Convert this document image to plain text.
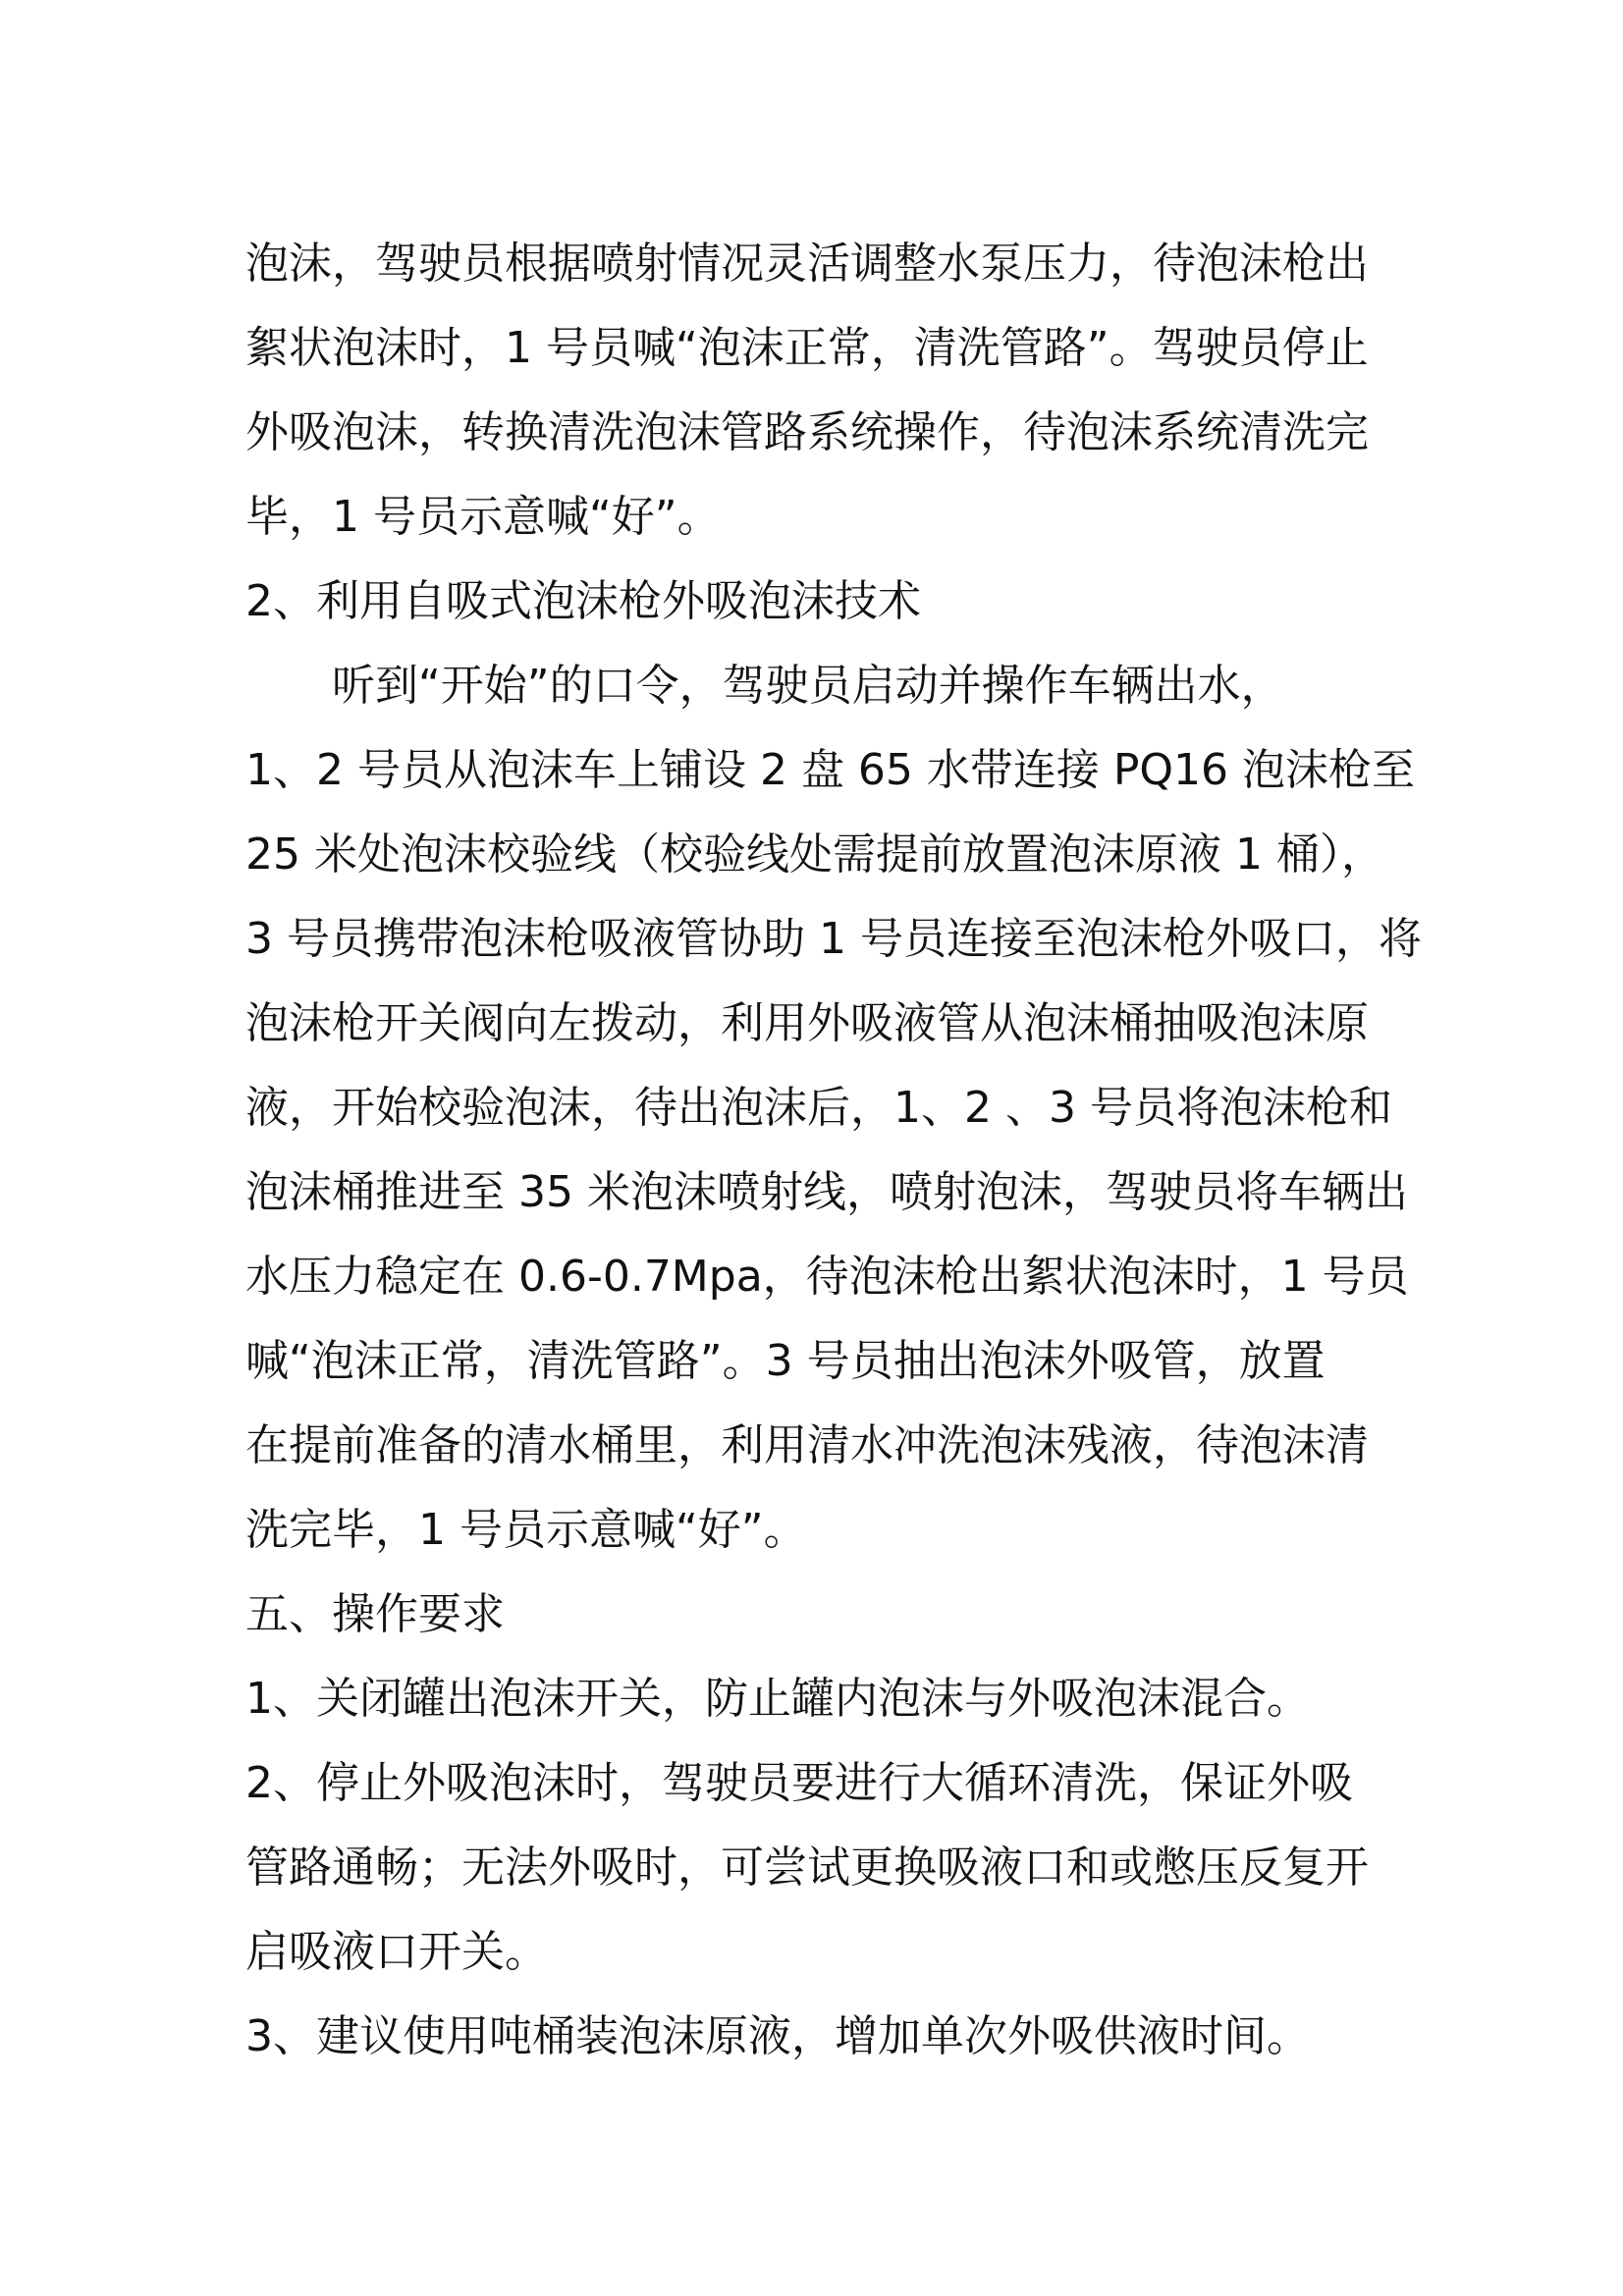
泡沫，驾驶员根据喷射情况灵活调整水泵压力，待泡沫枪出
絮状泡沫时，1 号员喊“泡沫正常，清洗管路”。驾驶员停止
外吸泡沫，转换清洗泡沫管路系统操作，待泡沫系统清洗完
毕，1 号员示意喊“好”。
2、利用自吸式泡沫枪外吸泡沫技术
听到“开始”的口令，驾驶员启动并操作车辆出水，
1、2 号员从泡沫车上铺设 2 盘 65 水带连接 PQ16 泡沫枪至
25 米处泡沫校验线（校验线处需提前放置泡沫原液 1 桶），
3 号员携带泡沫枪吸液管协助 1 号员连接至泡沫枪外吸口，将
泡沫枪开关阀向左拨动，利用外吸液管从泡沫桶抽吸泡沫原
液，开始校验泡沫，待出泡沫后，1、2 、3 号员将泡沫枪和
泡沫桶推进至 35 米泡沫喷射线，喷射泡沫，驾驶员将车辆出
水压力稳定在 0.6-0.7Mpa，待泡沫枪出絮状泡沫时，1 号员
喊“泡沫正常，清洗管路”。3 号员抽出泡沫外吸管，放置
在提前准备的清水桶里，利用清水冲洗泡沫残液，待泡沫清
洗完毕，1 号员示意喊“好”。
五、操作要求
1、关闭罐出泡沫开关，防止罐内泡沫与外吸泡沫混合。
2、停止外吸泡沫时，驾驶员要进行大循环清洗，保证外吸
管路通畅；无法外吸时，可尝试更换吸液口和或憋压反复开
启吸液口开关。
3、建议使用吨桶装泡沫原液，增加单次外吸供液时间。
